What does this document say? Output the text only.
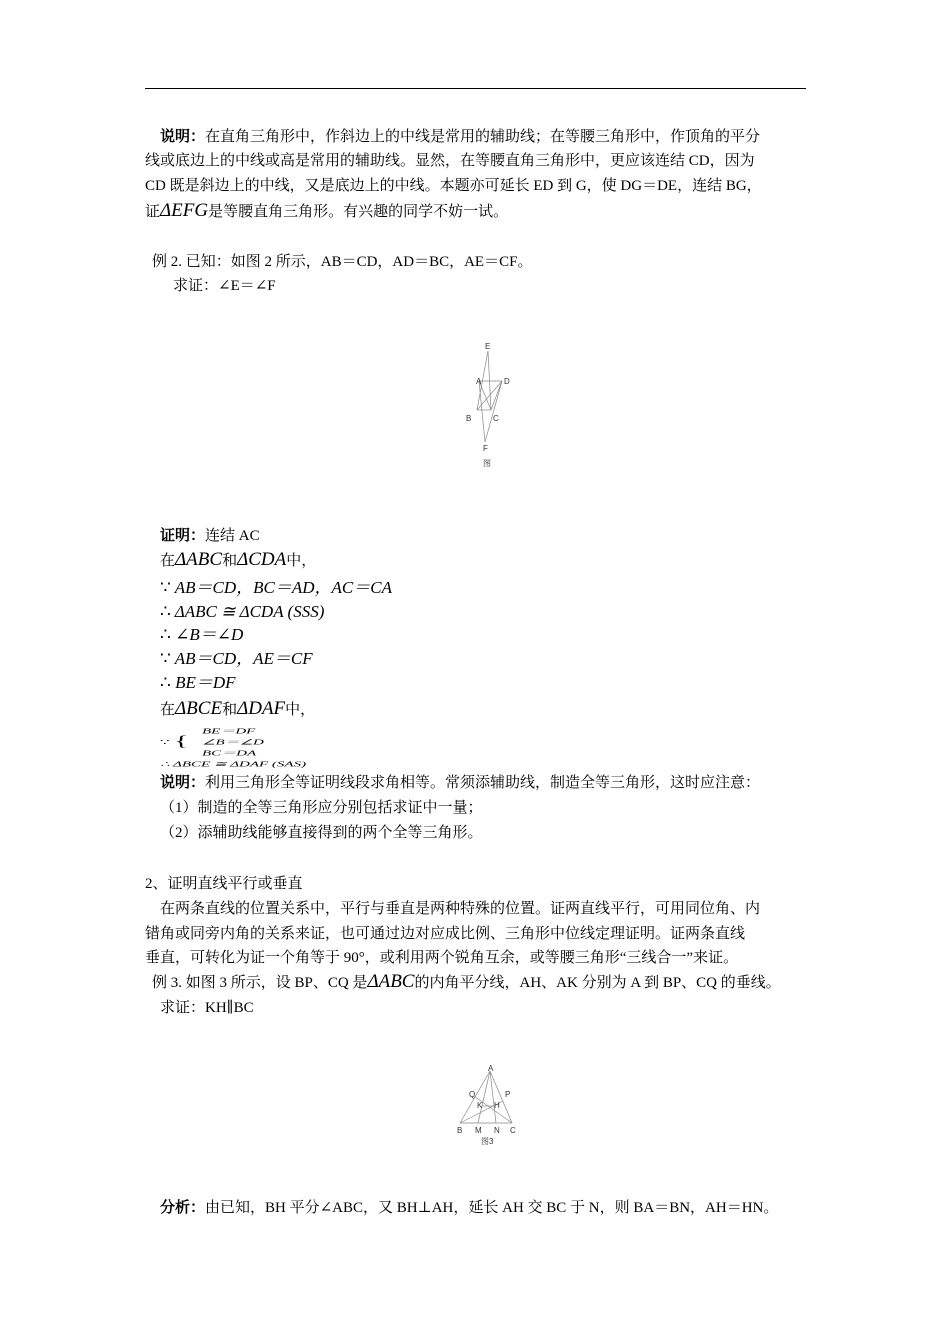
说明：在直角三角形中，作斜边上的中线是常用的辅助线；在等腰三角形中，作顶角的平分
线或底边上的中线或高是常用的辅助线。显然，在等腰直角三角形中，更应该连结 CD，因为
CD 既是斜边上的中线，又是底边上的中线。本题亦可延长 ED 到 G，使 DG＝DE，连结 BG，
证ΔEFG是等腰直角三角形。有兴趣的同学不妨一试。
例 2. 已知：如图 2 所示，AB＝CD，AD＝BC，AE＝CF。
求证：∠E＝∠F
E
A	D
B	C
F
图
证明：连结 AC
在ΔABC和ΔCDA中，
∵ AB＝CD，BC＝AD，AC＝CA
∴ ΔABC ≅ ΔCDA (SSS)
∴ ∠B＝∠D
∵ AB＝CD，AE＝CF
∴ BE＝DF
在ΔBCE和ΔDAF中，
∵ {
BE＝DF
∠B＝∠D
BC＝DA
∴ ΔBCE ≅ ΔDAF (SAS)
说明：利用三角形全等证明线段求角相等。常须添辅助线，制造全等三角形，这时应注意：
（1）制造的全等三角形应分别包括求证中一量；
（2）添辅助线能够直接得到的两个全等三角形。
2、证明直线平行或垂直
在两条直线的位置关系中，平行与垂直是两种特殊的位置。证两直线平行，可用同位角、内
错角或同旁内角的关系来证，也可通过边对应成比例、三角形中位线定理证明。证两条直线
垂直，可转化为证一个角等于 90°，或利用两个锐角互余，或等腰三角形“三线合一”来证。
例 3. 如图 3 所示，设 BP、CQ 是ΔABC的内角平分线，AH、AK 分别为 A 到 BP、CQ 的垂线。
求证：KH∥BC
A
Q	P
K H
B M N C
图3
分析：由已知，BH 平分∠ABC，又 BH⊥AH，延长 AH 交 BC 于 N，则 BA＝BN，AH＝HN。
